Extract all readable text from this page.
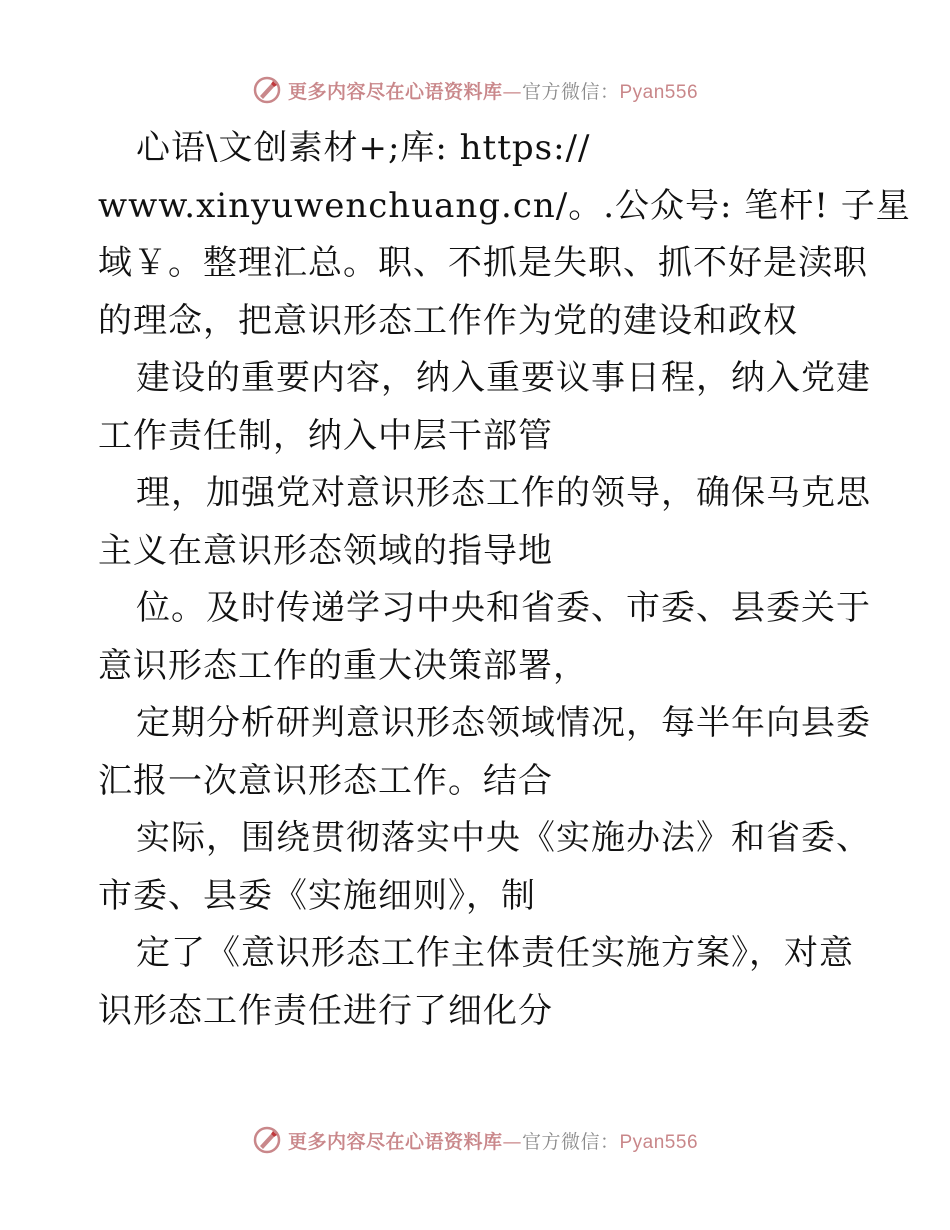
更多内容尽在心语资料库—官方微信：Pyan556
心语\文创素材+;库: https://
www.xinyuwenchuang.cn/。.公众号: 笔杆! 子星
域￥。整理汇总。职、不抓是失职、抓不好是渎职
的理念，把意识形态工作作为党的建设和政权
建设的重要内容，纳入重要议事日程，纳入党建
工作责任制，纳入中层干部管
理，加强党对意识形态工作的领导，确保马克思
主义在意识形态领域的指导地
位。及时传递学习中央和省委、市委、县委关于
意识形态工作的重大决策部署，
定期分析研判意识形态领域情况，每半年向县委
汇报一次意识形态工作。结合
实际，围绕贯彻落实中央《实施办法》和省委、
市委、县委《实施细则》，制
定了《意识形态工作主体责任实施方案》，对意
识形态工作责任进行了细化分
更多内容尽在心语资料库—官方微信：Pyan556
